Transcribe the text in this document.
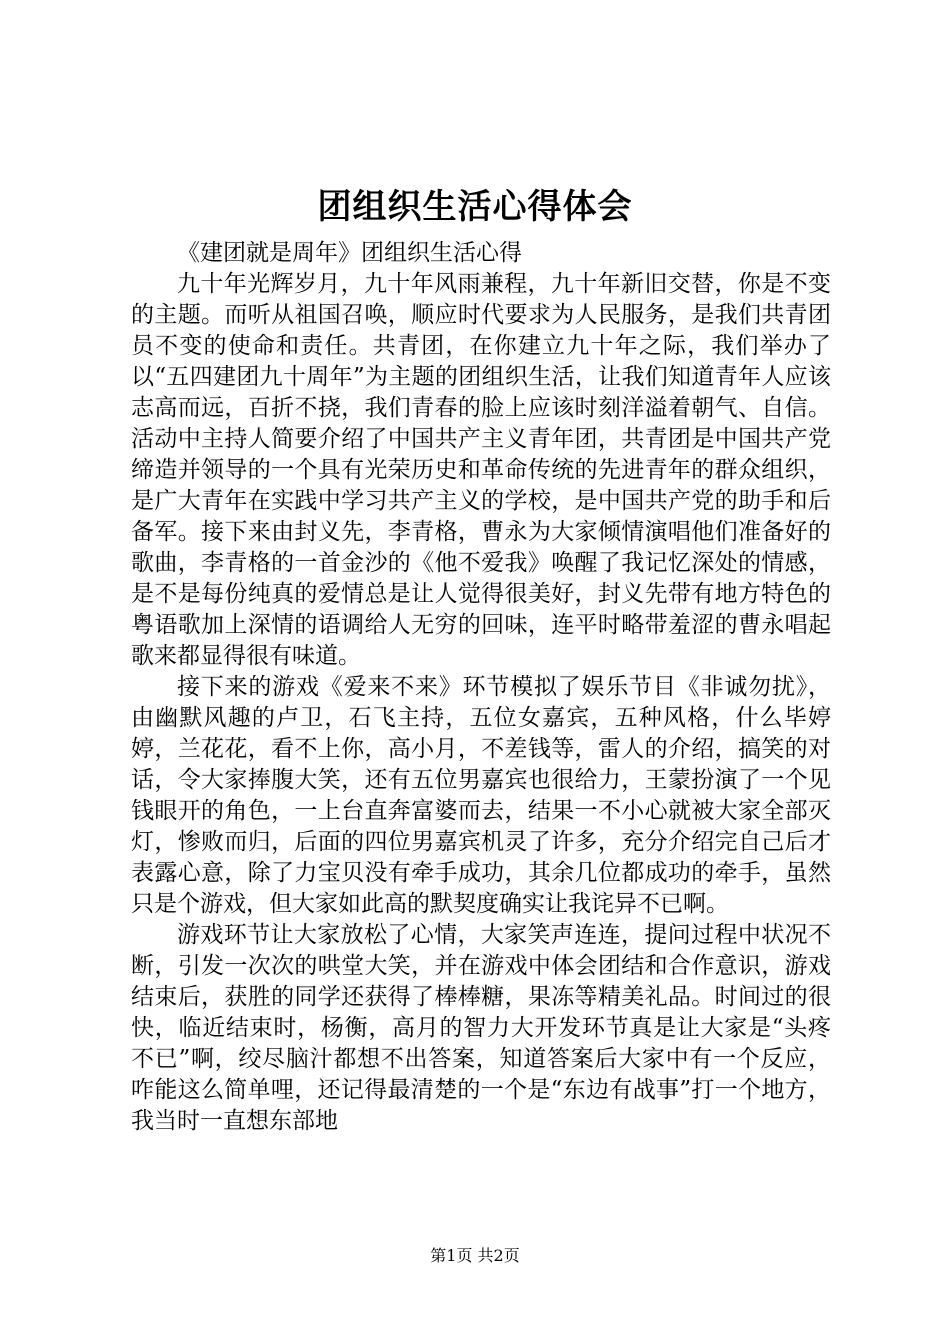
团组织生活心得体会

《建团就是周年》团组织生活心得

九十年光辉岁月，九十年风雨兼程，九十年新旧交替，你是不变的主题。而听从祖国召唤，顺应时代要求为人民服务，是我们共青团员不变的使命和责任。共青团，在你建立九十年之际，我们举办了以“五四建团九十周年”为主题的团组织生活，让我们知道青年人应该志高而远，百折不挠，我们青春的脸上应该时刻洋溢着朝气、自信。活动中主持人简要介绍了中国共产主义青年团，共青团是中国共产党缔造并领导的一个具有光荣历史和革命传统的先进青年的群众组织，是广大青年在实践中学习共产主义的学校，是中国共产党的助手和后备军。接下来由封义先，李青格，曹永为大家倾情演唱他们准备好的歌曲，李青格的一首金沙的《他不爱我》唤醒了我记忆深处的情感，是不是每份纯真的爱情总是让人觉得很美好，封义先带有地方特色的粤语歌加上深情的语调给人无穷的回味，连平时略带羞涩的曹永唱起歌来都显得很有味道。

接下来的游戏《爱来不来》环节模拟了娱乐节目《非诚勿扰》，由幽默风趣的卢卫，石飞主持，五位女嘉宾，五种风格，什么毕婷婷，兰花花，看不上你，高小月，不差钱等，雷人的介绍，搞笑的对话，令大家捧腹大笑，还有五位男嘉宾也很给力，王蒙扮演了一个见钱眼开的角色，一上台直奔富婆而去，结果一不小心就被大家全部灭灯，惨败而归，后面的四位男嘉宾机灵了许多，充分介绍完自己后才表露心意，除了力宝贝没有牵手成功，其余几位都成功的牵手，虽然只是个游戏，但大家如此高的默契度确实让我诧异不已啊。

游戏环节让大家放松了心情，大家笑声连连，提问过程中状况不断，引发一次次的哄堂大笑，并在游戏中体会团结和合作意识，游戏结束后，获胜的同学还获得了棒棒糖，果冻等精美礼品。时间过的很快，临近结束时，杨衡，高月的智力大开发环节真是让大家是“头疼不已”啊，绞尽脑汁都想不出答案，知道答案后大家中有一个反应，咋能这么简单哩，还记得最清楚的一个是“东边有战事”打一个地方，我当时一直想东部地

第1页 共2页
